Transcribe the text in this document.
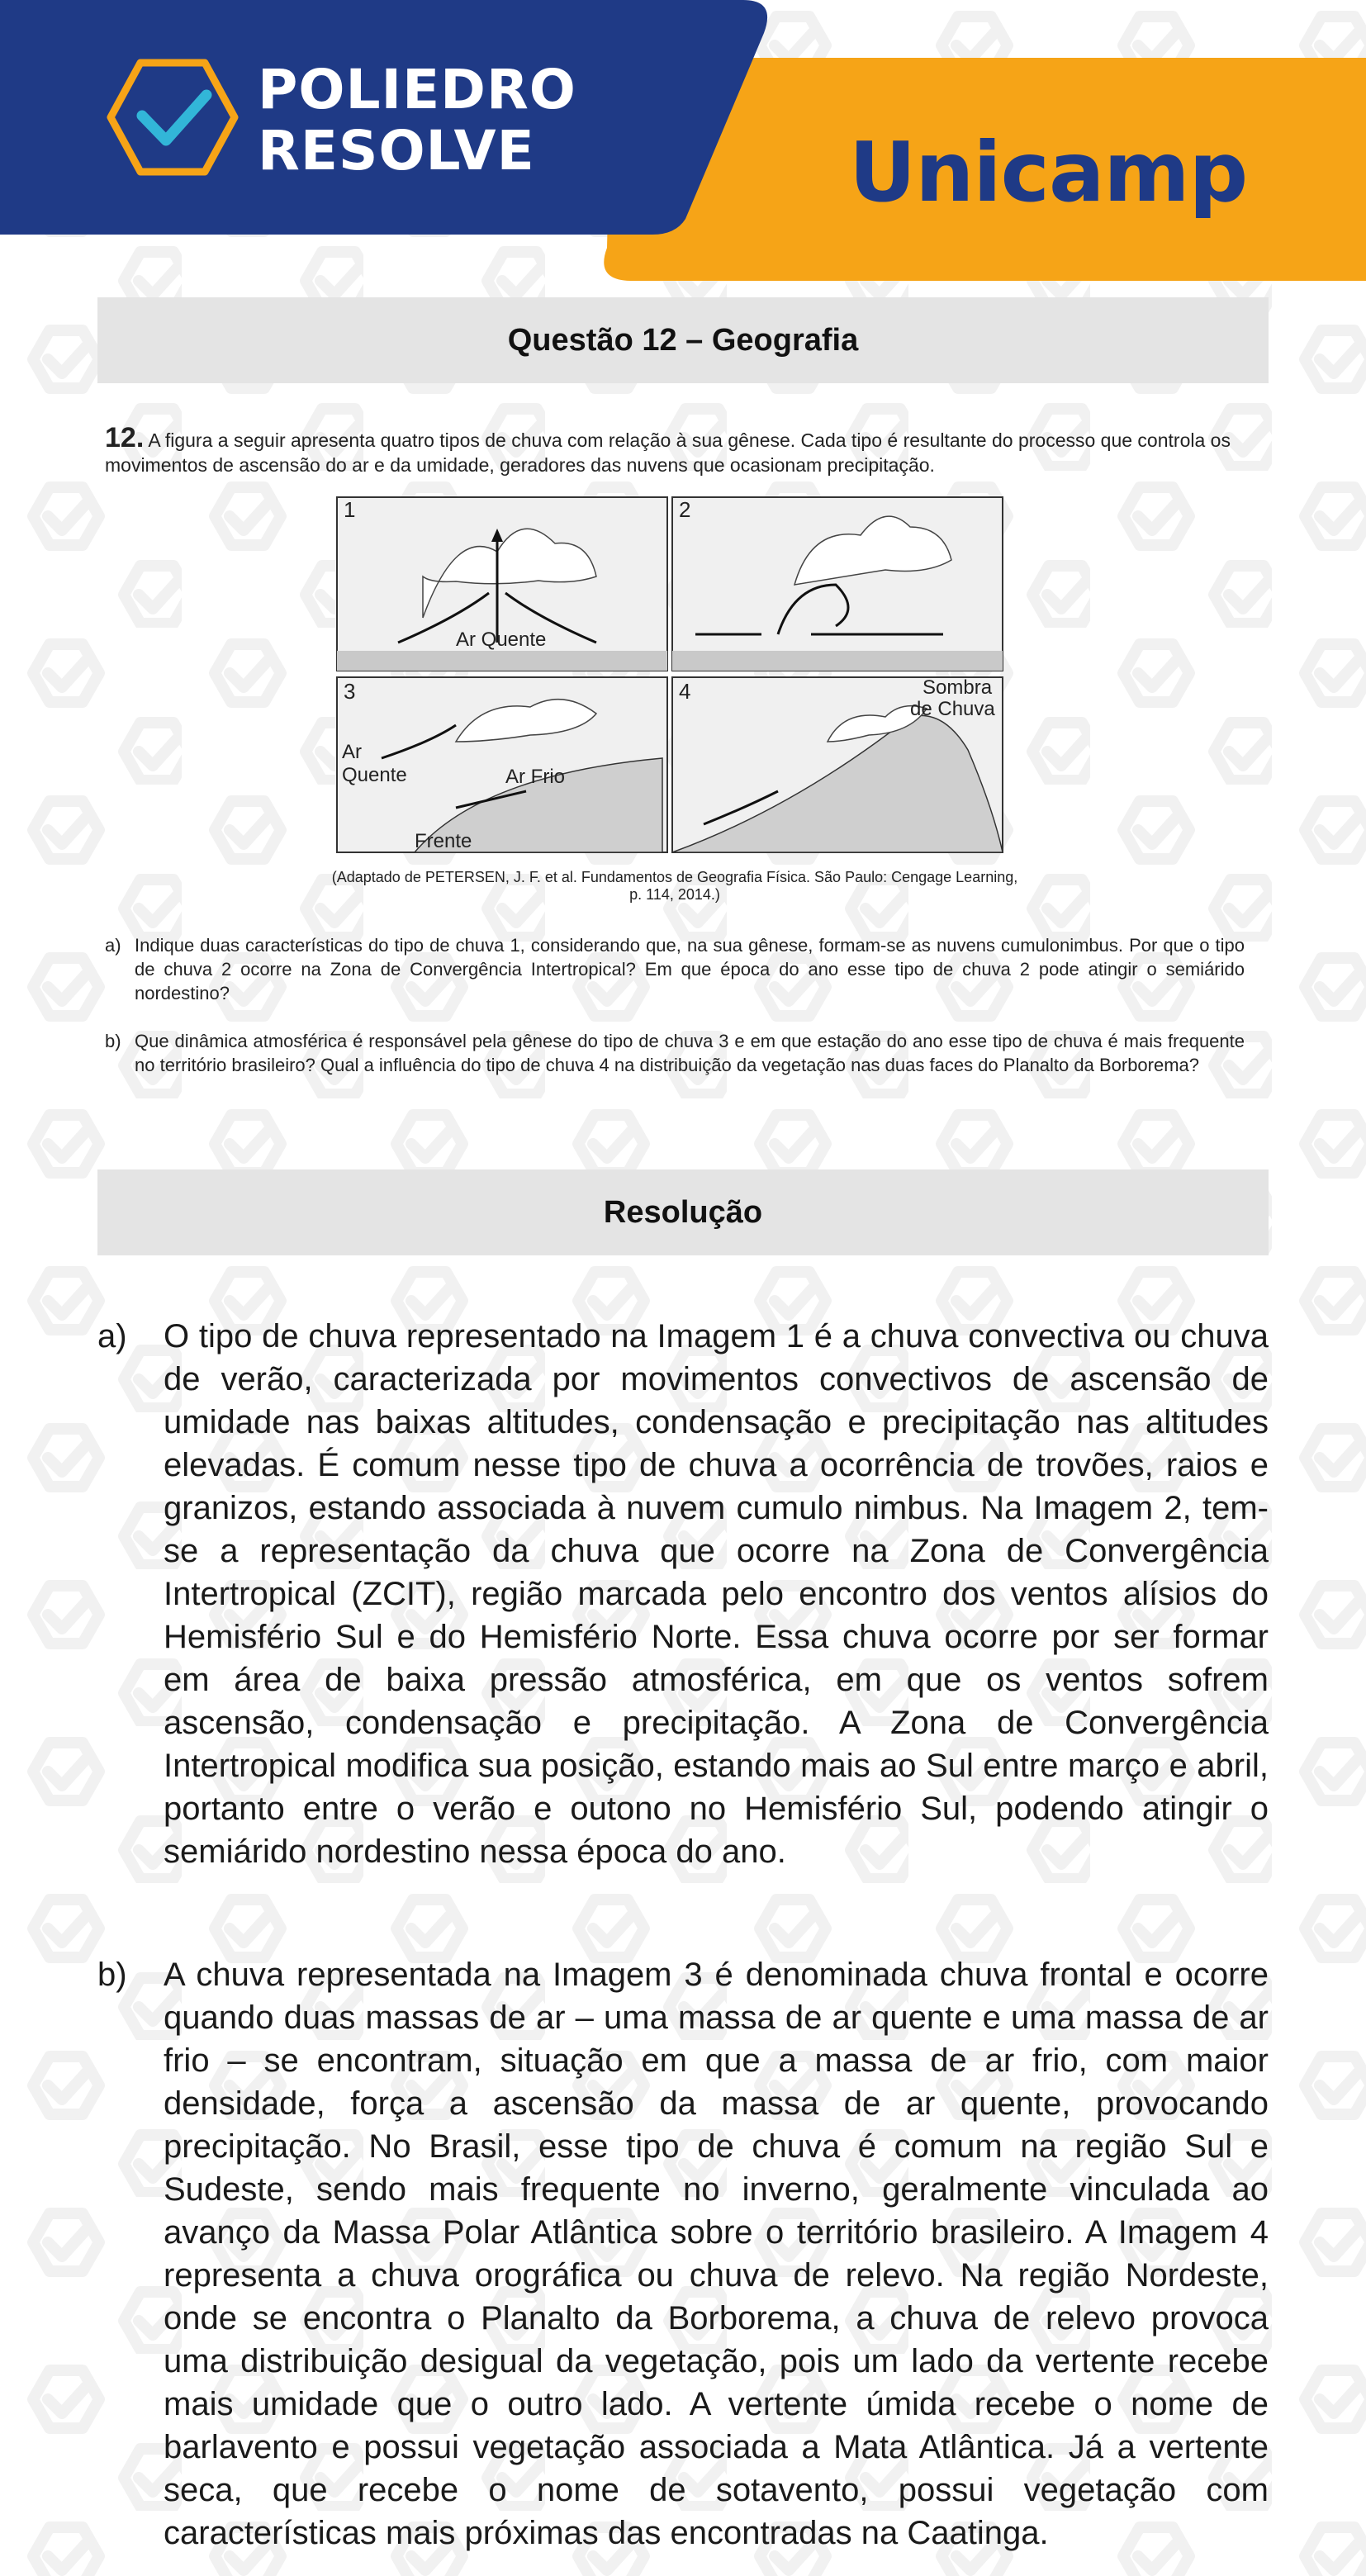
POLIEDRO
RESOLVE	Unicamp
Questão 12 – Geografia
12. A figura a seguir apresenta quatro tipos de chuva com relação à sua gênese. Cada tipo é resultante do processo que controla os movimentos de ascensão do ar e da umidade, geradores das nuvens que ocasionam precipitação.
1
Ar Quente
2
3
Ar
Quente	Ar Frio
Frente
4	Sombra
de Chuva
(Adaptado de PETERSEN, J. F. et al. Fundamentos de Geografia Física. São Paulo: Cengage Learning, p. 114, 2014.)
a) Indique duas características do tipo de chuva 1, considerando que, na sua gênese, formam-se as nuvens cumulonimbus. Por que o tipo de chuva 2 ocorre na Zona de Convergência Intertropical? Em que época do ano esse tipo de chuva 2 pode atingir o semiárido nordestino?
b) Que dinâmica atmosférica é responsável pela gênese do tipo de chuva 3 e em que estação do ano esse tipo de chuva é mais frequente no território brasileiro? Qual a influência do tipo de chuva 4 na distribuição da vegetação nas duas faces do Planalto da Borborema?
Resolução
a)	O tipo de chuva representado na Imagem 1 é a chuva convectiva ou chuva de verão, caracterizada por movimentos convectivos de ascensão de umidade nas baixas altitudes, condensação e precipitação nas altitudes elevadas. É comum nesse tipo de chuva a ocorrência de trovões, raios e granizos, estando associada à nuvem cumulo nimbus. Na Imagem 2, tem-se a representação da chuva que ocorre na Zona de Convergência Intertropical (ZCIT), região marcada pelo encontro dos ventos alísios do Hemisfério Sul e do Hemisfério Norte. Essa chuva ocorre por ser formar em área de baixa pressão atmosférica, em que os ventos sofrem ascensão, condensação e precipitação. A Zona de Convergência Intertropical modifica sua posição, estando mais ao Sul entre março e abril, portanto entre o verão e outono no Hemisfério Sul, podendo atingir o semiárido nordestino nessa época do ano.

b)	A chuva representada na Imagem 3 é denominada chuva frontal e ocorre quando duas massas de ar – uma massa de ar quente e uma massa de ar frio – se encontram, situação em que a massa de ar frio, com maior densidade, força a ascensão da massa de ar quente, provocando precipitação. No Brasil, esse tipo de chuva é comum na região Sul e Sudeste, sendo mais frequente no inverno, geralmente vinculada ao avanço da Massa Polar Atlântica sobre o território brasileiro. A Imagem 4 representa a chuva orográfica ou chuva de relevo. Na região Nordeste, onde se encontra o Planalto da Borborema, a chuva de relevo provoca uma distribuição desigual da vegetação, pois um lado da vertente recebe mais umidade que o outro lado. A vertente úmida recebe o nome de barlavento e possui vegetação associada a Mata Atlântica. Já a vertente seca, que recebe o nome de sotavento, possui vegetação com características mais próximas das encontradas na Caatinga.
